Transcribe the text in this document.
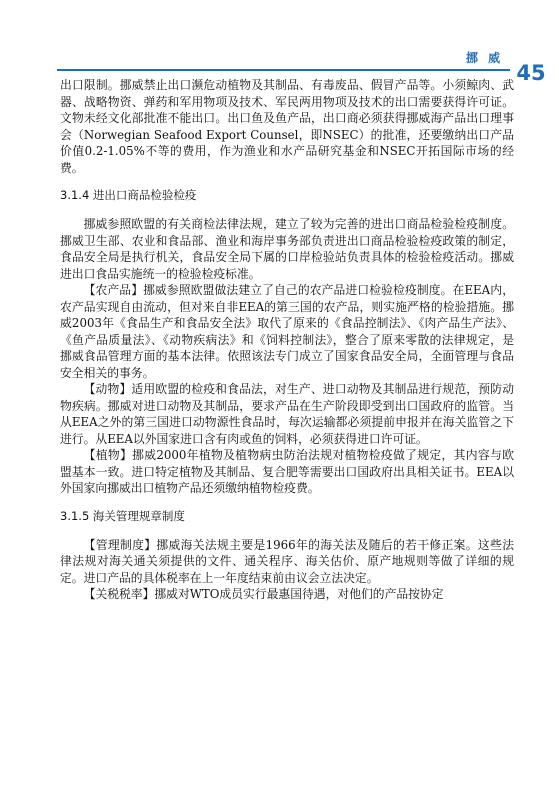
挪 威
45

出口限制。挪威禁止出口濒危动植物及其制品、有毒废品、假冒产品等。小须鲸肉、武器、战略物资、弹药和军用物项及技术、军民两用物项及技术的出口需要获得许可证。文物未经文化部批准不能出口。出口鱼及鱼产品，出口商必须获得挪威海产品出口理事会（Norwegian Seafood Export Counsel，即NSEC）的批准，还要缴纳出口产品价值0.2-1.05%不等的费用，作为渔业和水产品研究基金和NSEC开拓国际市场的经费。

3.1.4 进出口商品检验检疫

挪威参照欧盟的有关商检法律法规，建立了较为完善的进出口商品检验检疫制度。挪威卫生部、农业和食品部、渔业和海岸事务部负责进出口商品检验检疫政策的制定，食品安全局是执行机关，食品安全局下属的口岸检验站负责具体的检验检疫活动。挪威进出口食品实施统一的检验检疫标准。

【农产品】挪威参照欧盟做法建立了自己的农产品进口检验检疫制度。在EEA内，农产品实现自由流动，但对来自非EEA的第三国的农产品，则实施严格的检验措施。挪威2003年《食品生产和食品安全法》取代了原来的《食品控制法》、《肉产品生产法》、《鱼产品质量法》、《动物疾病法》和《饲料控制法》，整合了原来零散的法律规定，是挪威食品管理方面的基本法律。依照该法专门成立了国家食品安全局，全面管理与食品安全相关的事务。

【动物】适用欧盟的检疫和食品法，对生产、进口动物及其制品进行规范，预防动物疾病。挪威对进口动物及其制品，要求产品在生产阶段即受到出口国政府的监管。当从EEA之外的第三国进口动物源性食品时，每次运输都必须提前申报并在海关监管之下进行。从EEA以外国家进口含有肉或鱼的饲料，必须获得进口许可证。

【植物】挪威2000年植物及植物病虫防治法规对植物检疫做了规定，其内容与欧盟基本一致。进口特定植物及其制品、复合肥等需要出口国政府出具相关证书。EEA以外国家向挪威出口植物产品还须缴纳植物检疫费。

3.1.5 海关管理规章制度

【管理制度】挪威海关法规主要是1966年的海关法及随后的若干修正案。这些法律法规对海关通关须提供的文件、通关程序、海关估价、原产地规则等做了详细的规定。进口产品的具体税率在上一年度结束前由议会立法决定。

【关税税率】挪威对WTO成员实行最惠国待遇，对他们的产品按协定
